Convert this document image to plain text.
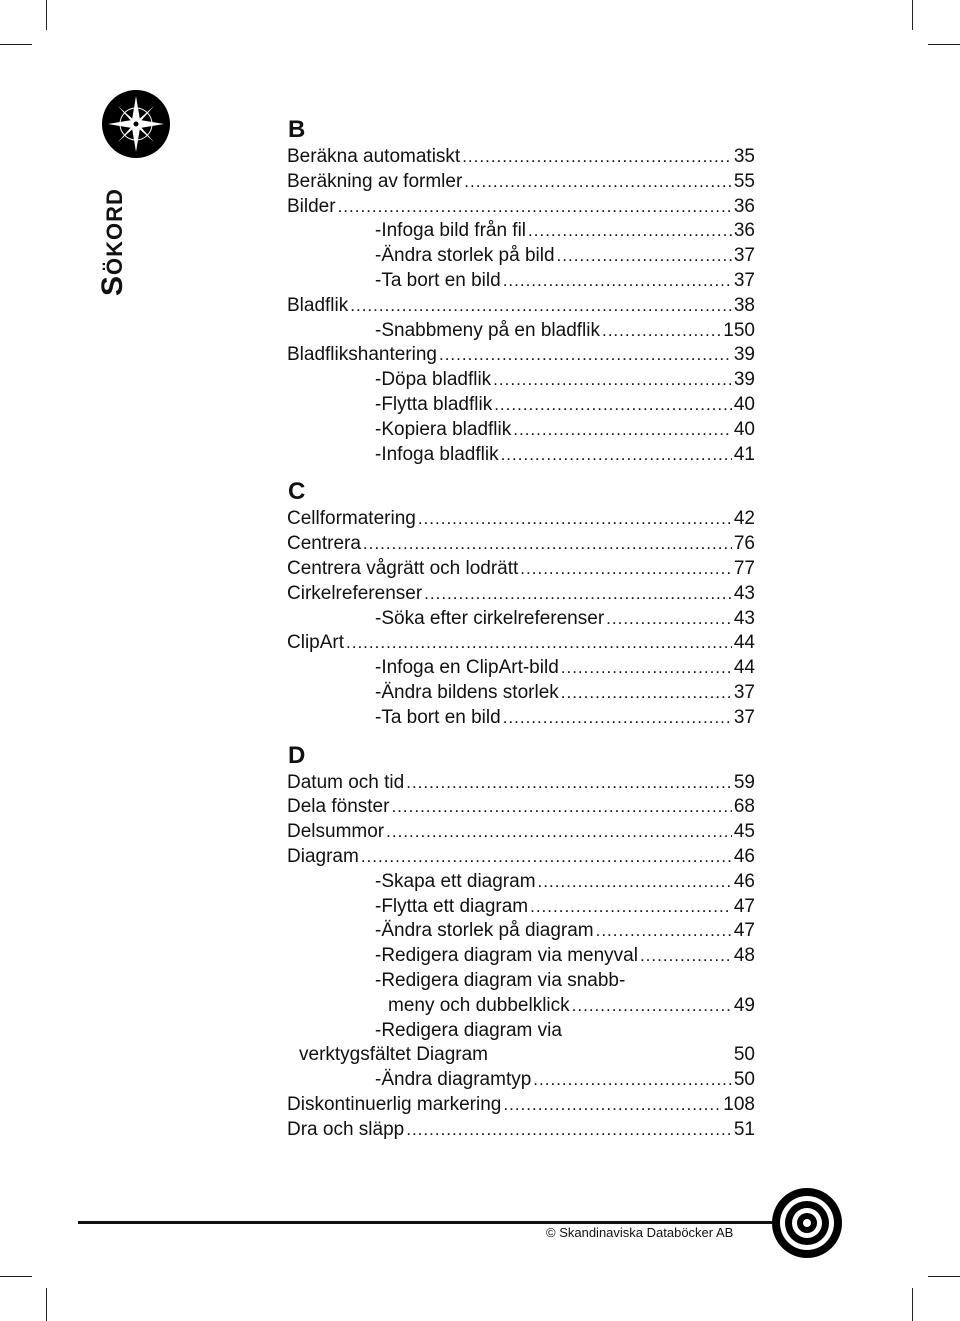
SÖKORD
B
Beräkna automatiskt .....	35
Beräkning av formler .....	55
Bilder .....	36
-Infoga bild från fil .....	36
-Ändra storlek på bild .....	37
-Ta bort en bild .....	37
Bladflik .....	38
-Snabbmeny på en bladflik .....	150
Bladflikshantering .....	39
-Döpa bladflik .....	39
-Flytta bladflik .....	40
-Kopiera bladflik .....	40
-Infoga bladflik .....	41
C
Cellformatering .....	42
Centrera .....	76
Centrera vågrätt och lodrätt .....	77
Cirkelreferenser .....	43
-Söka efter cirkelreferenser .....	43
ClipArt .....	44
-Infoga en ClipArt-bild .....	44
-Ändra bildens storlek .....	37
-Ta bort en bild .....	37
D
Datum och tid .....	59
Dela fönster .....	68
Delsummor .....	45
Diagram .....	46
-Skapa ett diagram .....	46
-Flytta ett diagram .....	47
-Ändra storlek på diagram .....	47
-Redigera diagram via menyval .....	48
-Redigera diagram via snabb-
meny och dubbelklick .....	49
-Redigera diagram via
verktygsfältet Diagram	50
-Ändra diagramtyp .....	50
Diskontinuerlig markering .....	108
Dra och släpp .....	51
© Skandinaviska Databöcker AB
